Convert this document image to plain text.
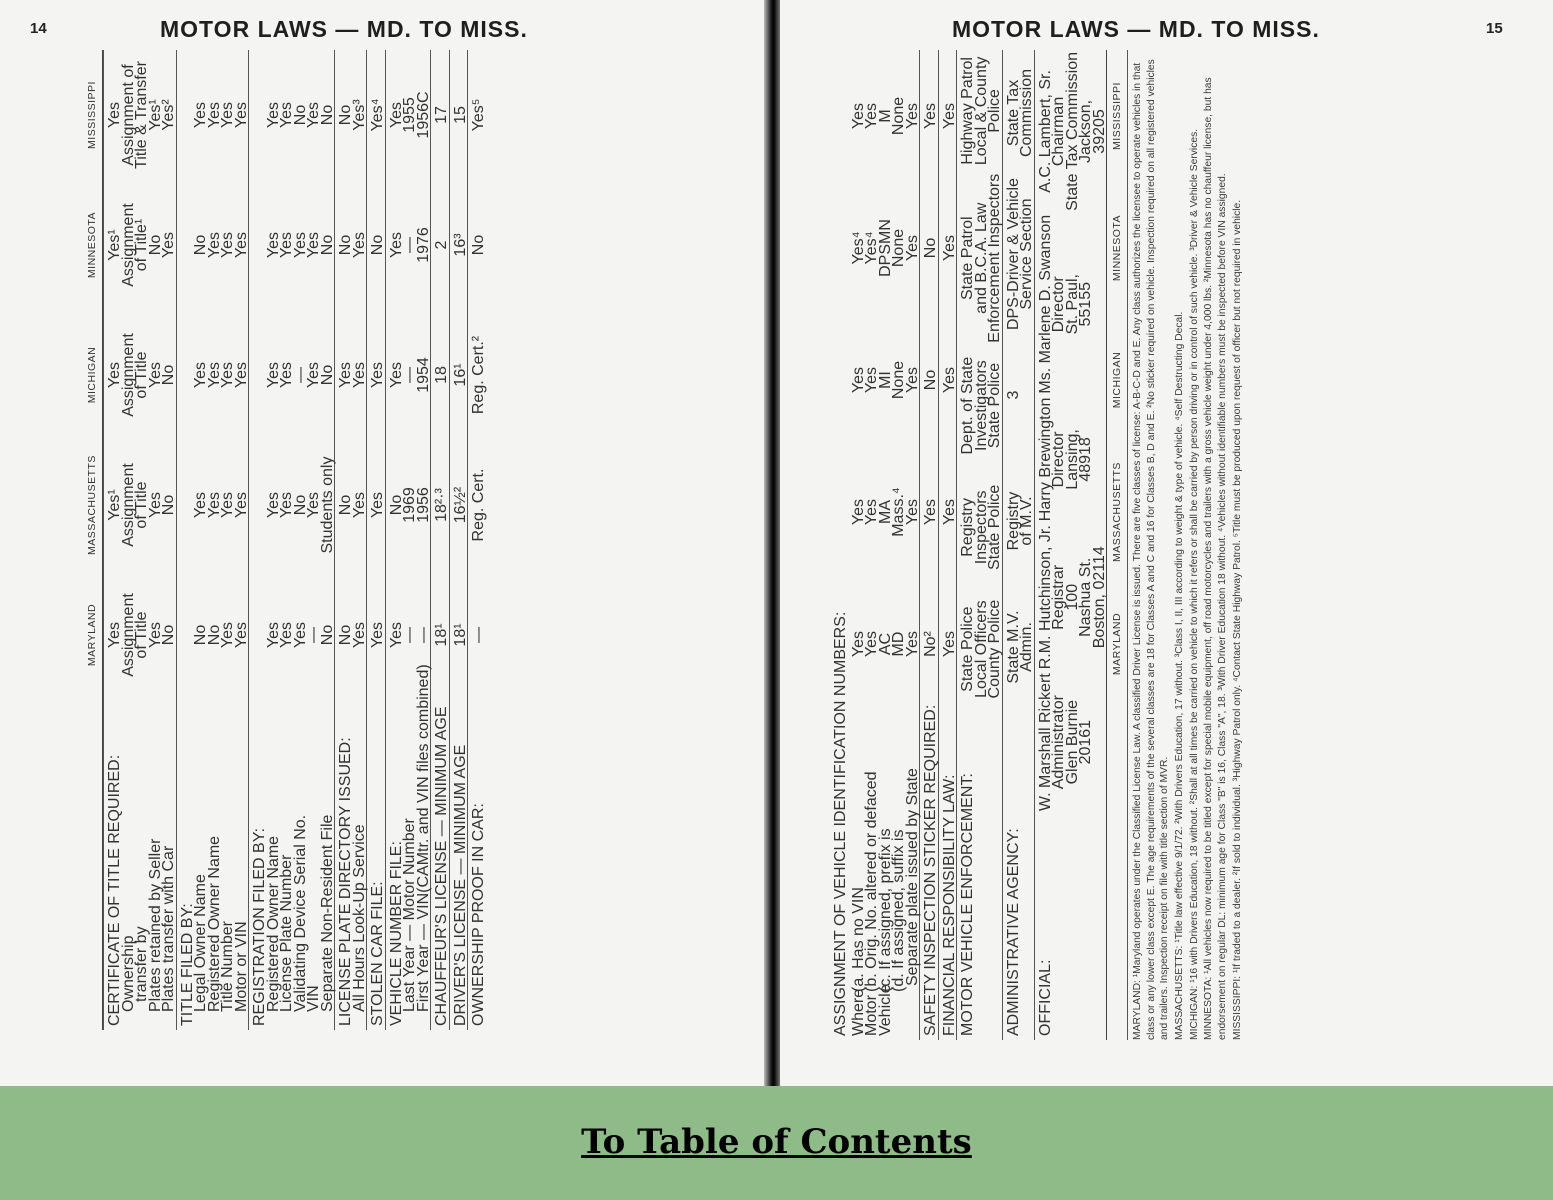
14	MOTOR LAWS — MD. TO MISS.
MARYLAND
MASSACHUSETTS
MICHIGAN
MINNESOTA
MISSISSIPPI
CERTIFICATE OF TITLE REQUIRED:
Ownership
transfer by
Plates retained by Seller
Plates transfer with Car
Yes
Assignment
of Title
Yes
No
Yes¹
Assignment
of Title
Yes
No
Yes
Assignment
of Title
Yes
No
Yes¹
Assignment
of Title¹
No
Yes
Yes
Assignment of
Title & Transfer
Yes¹
Yes²
TITLE FILED BY:
Legal Owner Name
Registered Owner Name
Title Number
Motor or VIN
No
No
Yes
Yes
Yes
Yes
Yes
Yes
Yes
Yes
Yes
Yes
No
Yes
Yes
Yes
Yes
Yes
Yes
Yes
REGISTRATION FILED BY:
Registered Owner Name
License Plate Number
Validating Device Serial No.
VIN
Separate Non-Resident File
Yes
Yes
Yes
—
No
Yes
Yes
No
Yes
Students only
Yes
Yes
—
Yes
No
Yes
Yes
Yes
Yes
No
Yes
Yes
No
Yes
No
LICENSE PLATE DIRECTORY ISSUED:
All Hours Look-Up Service
No
Yes
No
Yes
Yes
Yes
No
Yes
No
Yes³
STOLEN CAR FILE:
Yes
Yes
Yes
No
Yes⁴
VEHICLE NUMBER FILE:
Last Year — Motor Number
First Year — VIN(CAMtr. and VIN files combined)
Yes
—
—
No
1969
1956
Yes
—
1954
Yes
—
1976
Yes
1955
1956C
CHAUFFEUR'S LICENSE — MINIMUM AGE
18¹
18²·³
18
2
17
DRIVER'S LICENSE — MINIMUM AGE
18¹
16½²
16¹
16³
15
OWNERSHIP PROOF IN CAR:
—
Reg. Cert.
Reg. Cert.²
No
Yes⁵
MOTOR LAWS — MD. TO MISS.	15
ASSIGNMENT OF VEHICLE IDENTIFICATION NUMBERS: Where
(a. Has no VIN
Motor
(b. Orig. No. altered or defaced
Vehicle
(c. If assigned, prefix is
(d. If assigned, suffix is
Separate plate issued by State
Yes
Yes
AC
MD
Yes
Yes
Yes
MA
Mass.⁴
Yes
Yes
Yes
MI
None
Yes
Yes⁴
Yes⁴
DPSMN
None
Yes
Yes
Yes
M
None
Yes
SAFETY INSPECTION STICKER REQUIRED:
No²
Yes
No
No
Yes
FINANCIAL RESPONSIBILITY LAW:
Yes
Yes
Yes
Yes
Yes
MOTOR VEHICLE ENFORCEMENT:
State Police
Local Officers
County Police
Registry
Inspectors
State Police
Dept. of State
Investigators
State Police
State Patrol
and B.C.A. Law
Enforcement Inspectors
Highway Patrol
Local & County
Police
ADMINISTRATIVE AGENCY:
State M.V.
Admin.
Registry
of M.V.
3
DPS-Driver & Vehicle
Service Section
State Tax
Commission
OFFICIAL:
W. Marshall Rickert
Administrator
Glen Burnie
20161
R.M. Hutchinson, Jr.
Registrar
100
Nashua St.
Boston, 02114
Harry Brewington
Director
Lansing,
48918
Ms. Marlene D. Swanson
Director
St. Paul,
55155
A.C. Lambert, Sr.
Chairman
State Tax Commission
Jackson,
39205
MARYLAND
MASSACHUSETTS
MICHIGAN
MINNESOTA
MISSISSIPPI MARYLAND: ¹Maryland operates under the Classified License Law. A classified Driver License is issued. There are five classes of license: A-B-C-D and E. Any class authorizes the licensee to operate vehicles in that class or any lower class except E. The age requirements of the several classes are 18 for Classes A and C and 16 for Classes B, D and E. ²No sticker required on vehicle. Inspection required on all registered vehicles and trailers. Inspection receipt on file with title section of MVR. MASSACHUSETTS: ¹Title law effective 9/1/72. ²With Drivers Education, 17 without. ³Class I, II, III according to weight & type of vehicle. ⁴Self Destructing Decal. MICHIGAN: ¹16 with Drivers Education, 18 without. ²Shall at all times be carried on vehicle to which it refers or shall be carried by person driving or in control of such vehicle. ³Driver & Vehicle Services. MINNESOTA: ¹All vehicles now required to be titled except for special mobile equipment, off road motorcycles and trailers with a gross vehicle weight under 4,000 lbs. ²Minnesota has no chauffeur license, but has endorsement on regular DL: minimum age for Class "B" is 16, Class "A", 18. ³With Driver Education 18 without. ⁴Vehicles without identifiable numbers must be inspected before VIN assigned. MISSISSIPPI: ¹If traded to a dealer. ²If sold to individual. ³Highway Patrol only. ⁴Contact State Highway Patrol. ⁵Title must be produced upon request of officer but not required in vehicle.

To Table of Contents
